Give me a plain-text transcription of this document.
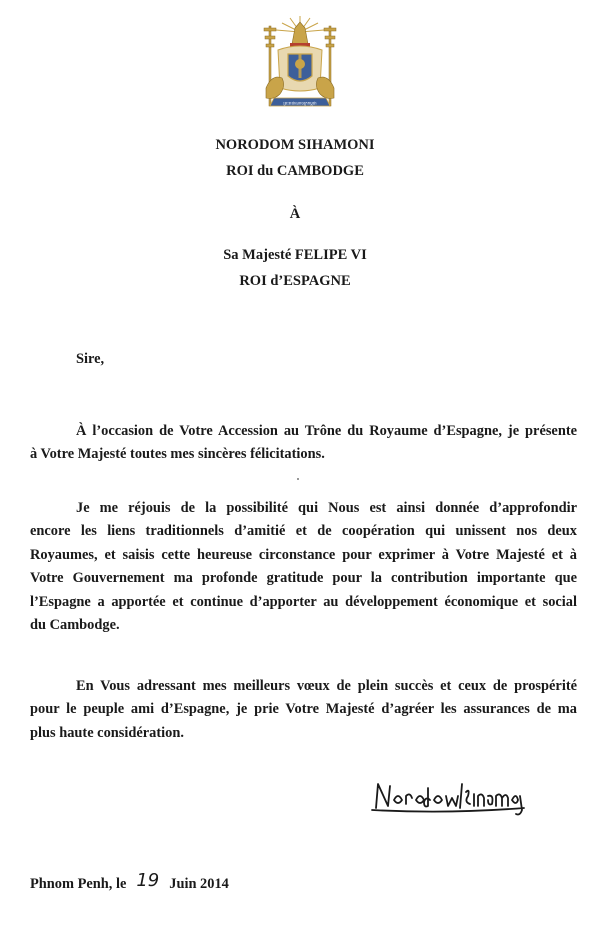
ព្រះរាជាណាចក្រកម្ពុជា
NORODOM SIHAMONI
ROI du CAMBODGE
À
Sa Majesté FELIPE VI
ROI d’ESPAGNE
Sire,
À l’occasion de Votre Accession au Trône du Royaume d’Espagne, je présente
à Votre Majesté toutes mes sincères félicitations.
Je me réjouis de la possibilité qui Nous est ainsi donnée d’approfondir
encore les liens traditionnels d’amitié et de coopération qui unissent nos deux
Royaumes, et saisis cette heureuse circonstance pour exprimer à Votre Majesté et à
Votre Gouvernement ma profonde gratitude pour la contribution importante que
l’Espagne a apportée et continue d’apporter au développement économique et social
du Cambodge.
En Vous adressant mes meilleurs vœux de plein succès et ceux de prospérité
pour le peuple ami d’Espagne, je prie Votre Majesté d’agréer les assurances de ma
plus haute considération.
Phnom Penh, le 19 Juin 2014
